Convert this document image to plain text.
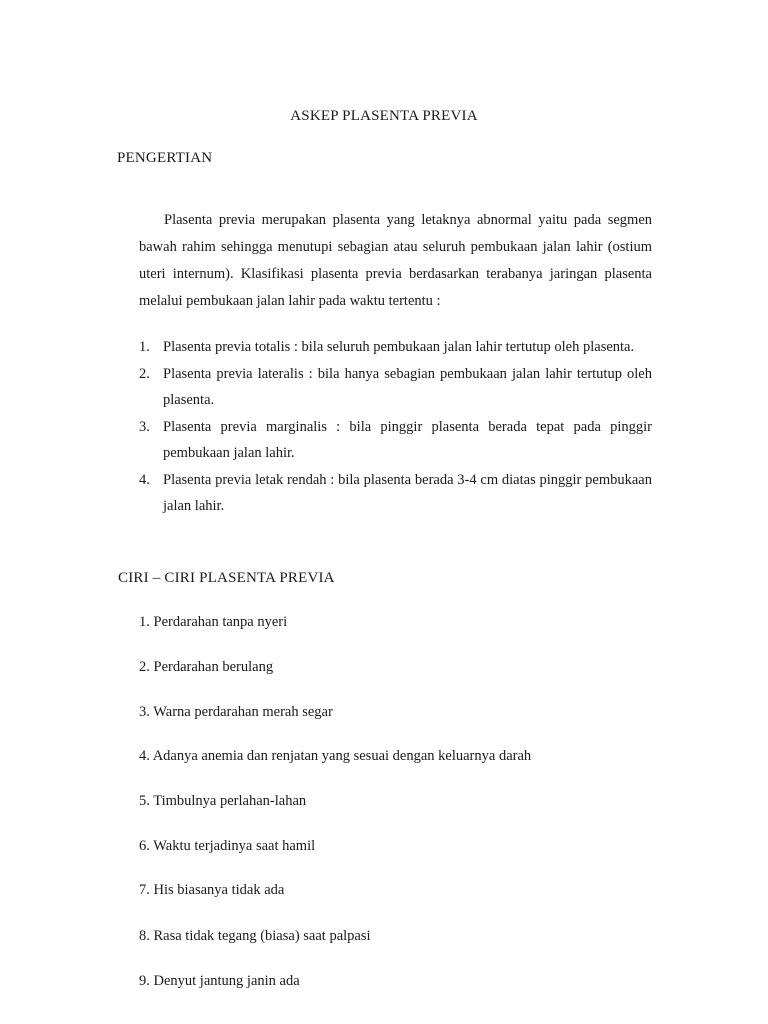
ASKEP PLASENTA PREVIA
PENGERTIAN
Plasenta previa merupakan plasenta yang letaknya abnormal yaitu pada segmen bawah rahim sehingga menutupi sebagian atau seluruh pembukaan jalan lahir (ostium uteri internum). Klasifikasi plasenta previa berdasarkan terabanya jaringan plasenta melalui pembukaan jalan lahir pada waktu tertentu :
1. Plasenta previa totalis : bila seluruh pembukaan jalan lahir tertutup oleh plasenta.
2. Plasenta previa lateralis : bila hanya sebagian pembukaan jalan lahir tertutup oleh plasenta.
3. Plasenta previa marginalis : bila pinggir plasenta berada tepat pada pinggir pembukaan jalan lahir.
4. Plasenta previa letak rendah : bila plasenta berada 3-4 cm diatas pinggir pembukaan jalan lahir.
CIRI – CIRI PLASENTA PREVIA
1. Perdarahan tanpa nyeri
2. Perdarahan berulang
3. Warna perdarahan merah segar
4. Adanya anemia dan renjatan yang sesuai dengan keluarnya darah
5. Timbulnya perlahan-lahan
6. Waktu terjadinya saat hamil
7. His biasanya tidak ada
8. Rasa tidak tegang (biasa) saat palpasi
9. Denyut jantung janin ada
